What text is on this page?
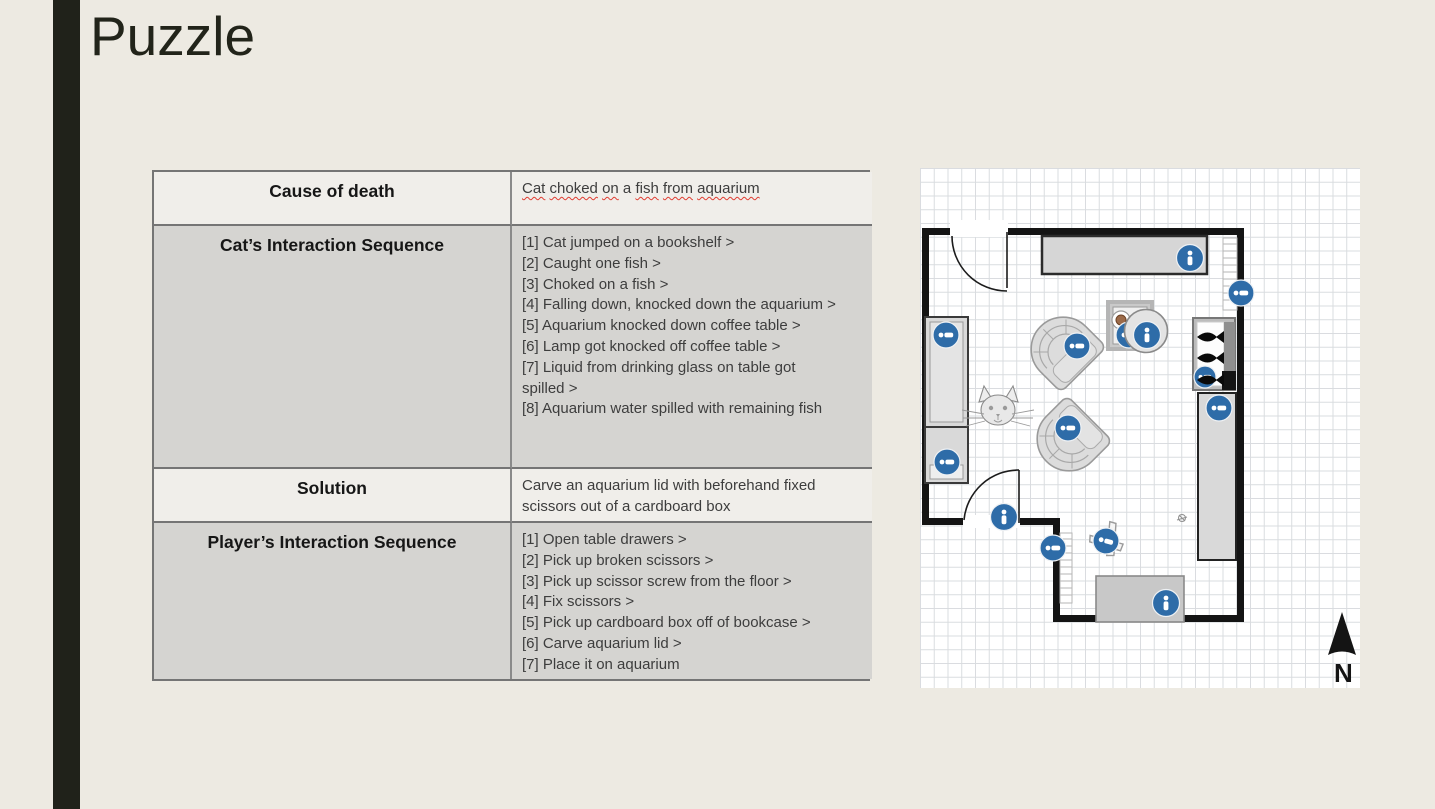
Puzzle
Cause of death	Cat choked on a fish from aquarium
Cat’s Interaction Sequence	[1] Cat jumped on a bookshelf >
[2] Caught one fish >
[3] Choked on a fish >
[4] Falling down, knocked down the aquarium >
[5] Aquarium knocked down coffee table >
[6] Lamp got knocked off coffee table >
[7] Liquid from drinking glass on table got spilled >
[8] Aquarium water spilled with remaining fish
Solution	Carve an aquarium lid with beforehand fixed scissors out of a cardboard box
Player’s Interaction Sequence	[1] Open table drawers >
[2] Pick up broken scissors >
[3] Pick up scissor screw from the floor >
[4] Fix scissors >
[5] Pick up cardboard box off of bookcase >
[6] Carve aquarium lid >
[7] Place it on aquarium	N
